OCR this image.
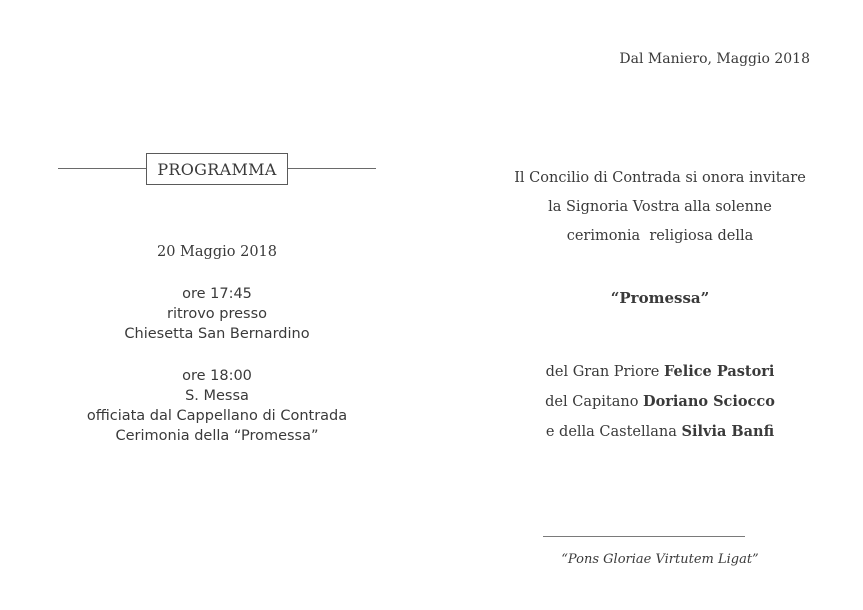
Dal Maniero, Maggio 2018
PROGRAMMA
20 Maggio 2018
ore 17:45
ritrovo presso
Chiesetta San Bernardino
ore 18:00
S. Messa
officiata dal Cappellano di Contrada
Cerimonia della “Promessa”
Il Concilio di Contrada si onora invitare
la Signoria Vostra alla solenne
cerimonia  religiosa della
“Promessa”
del Gran Priore Felice Pastori
del Capitano Doriano Sciocco
e della Castellana Silvia Banfi
“Pons Gloriae Virtutem Ligat”
